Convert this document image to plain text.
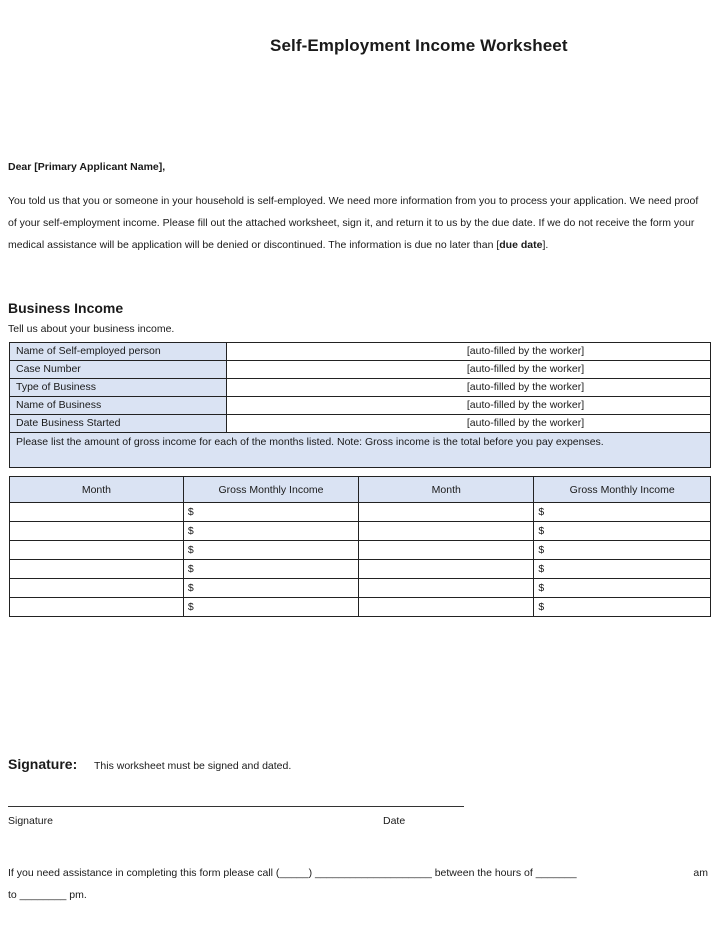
Self-Employment Income Worksheet
Dear [Primary Applicant Name],
You told us that you or someone in your household is self-employed. We need more information from you to process your application. We need proof of your self-employment income. Please fill out the attached worksheet, sign it, and return it to us by the due date. If we do not receive the form your medical assistance will be application will be denied or discontinued. The information is due no later than [due date].
Business Income
Tell us about your business income.
Name of Self-employed person	[auto-filled by the worker]
Case Number	[auto-filled by the worker]
Type of Business	[auto-filled by the worker]
Name of Business	[auto-filled by the worker]
Date Business Started	[auto-filled by the worker]
Please list the amount of gross income for each of the months listed. Note: Gross income is the total before you pay expenses.	
Month	Gross Monthly Income	Month	Gross Monthly Income
	$		$
	$		$
	$		$
	$		$
	$		$
	$		$
Signature: This worksheet must be signed and dated.
Signature	Date
If you need assistance in completing this form please call (_____) ____________________ between the hours of _______	am
to ________ pm.
